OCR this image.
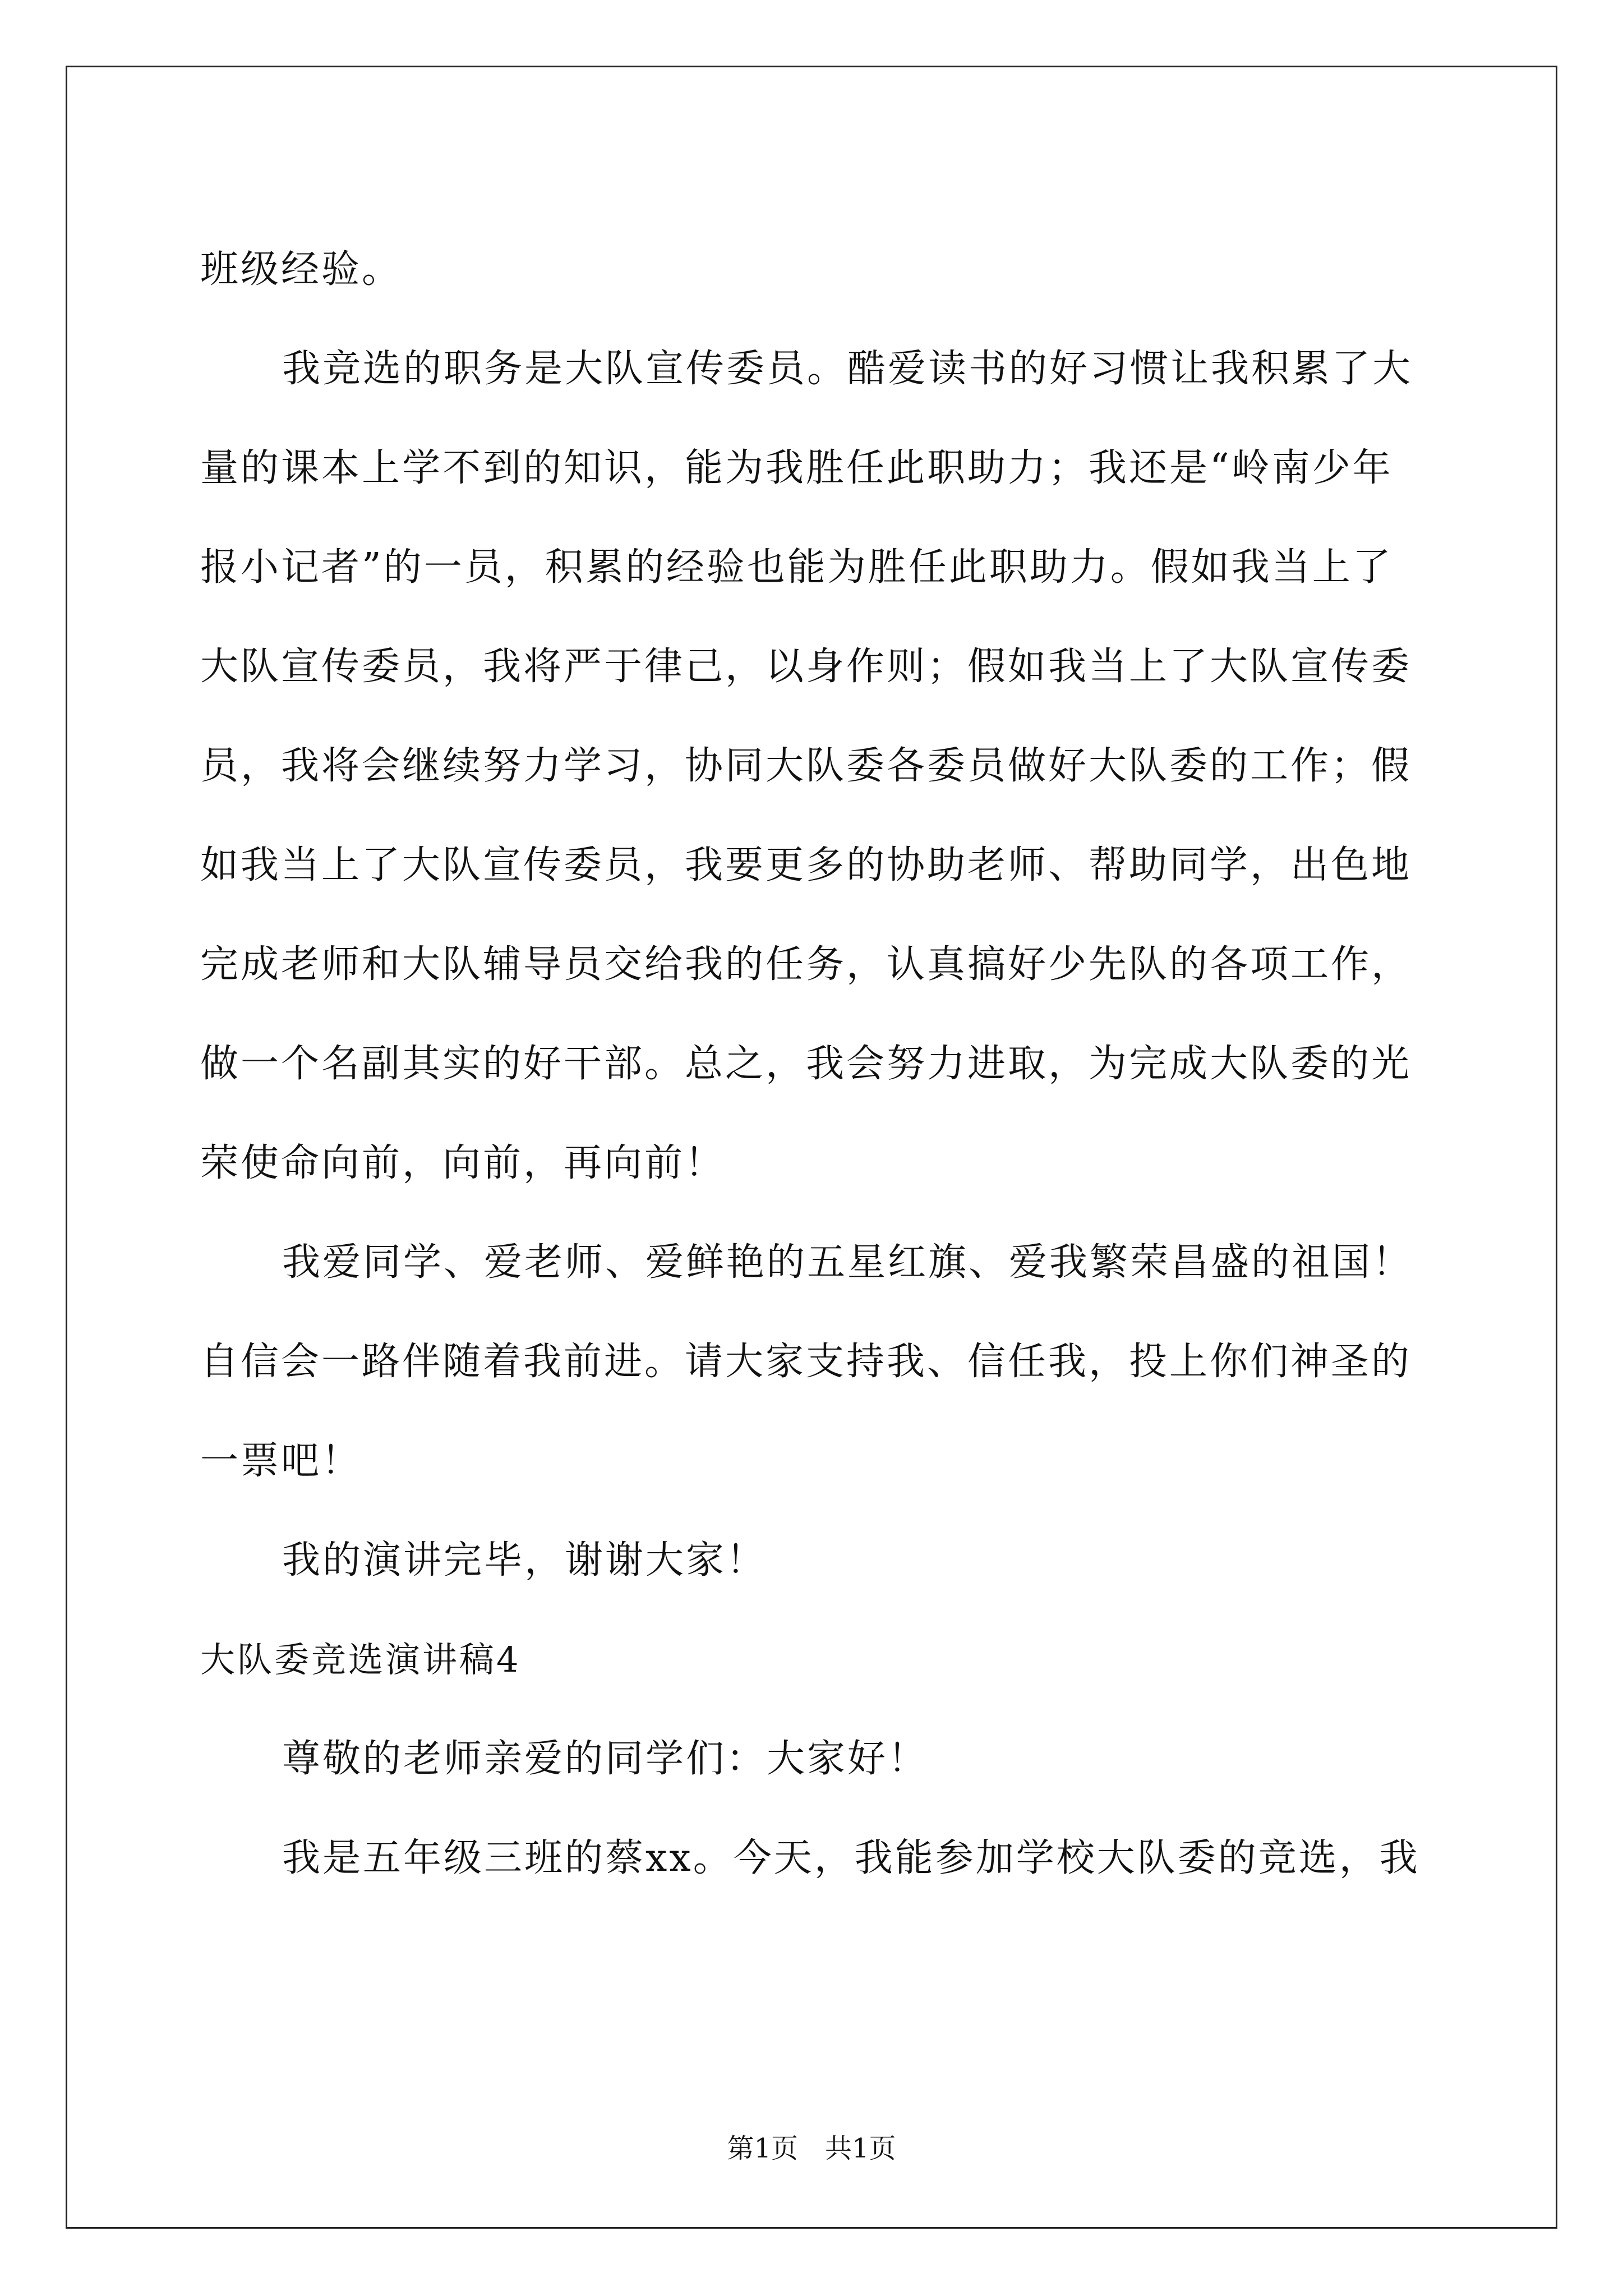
班级经验。
我竞选的职务是大队宣传委员。酷爱读书的好习惯让我积累了大
量的课本上学不到的知识，能为我胜任此职助力；我还是“岭南少年
报小记者”的一员，积累的经验也能为胜任此职助力。假如我当上了
大队宣传委员，我将严于律己，以身作则；假如我当上了大队宣传委
员，我将会继续努力学习，协同大队委各委员做好大队委的工作；假
如我当上了大队宣传委员，我要更多的协助老师、帮助同学，出色地
完成老师和大队辅导员交给我的任务，认真搞好少先队的各项工作，
做一个名副其实的好干部。总之，我会努力进取，为完成大队委的光
荣使命向前，向前，再向前！
我爱同学、爱老师、爱鲜艳的五星红旗、爱我繁荣昌盛的祖国！
自信会一路伴随着我前进。请大家支持我、信任我，投上你们神圣的
一票吧！
我的演讲完毕，谢谢大家！
大队委竞选演讲稿4
尊敬的老师亲爱的同学们：大家好！
我是五年级三班的蔡xx。今天，我能参加学校大队委的竞选，我
第1页　共1页
